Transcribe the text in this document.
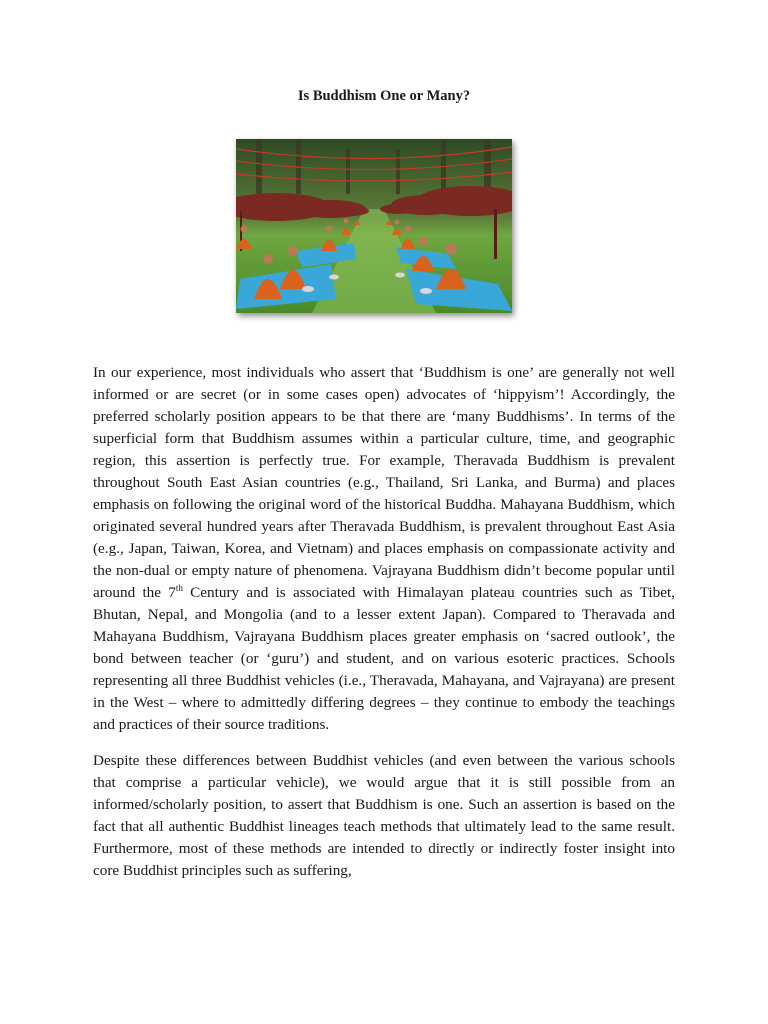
Is Buddhism One or Many?

In our experience, most individuals who assert that ‘Buddhism is one’ are generally not well informed or are secret (or in some cases open) advocates of ‘hippyism’! Accordingly, the preferred scholarly position appears to be that there are ‘many Buddhisms’. In terms of the superficial form that Buddhism assumes within a particular culture, time, and geographic region, this assertion is perfectly true. For example, Theravada Buddhism is prevalent throughout South East Asian countries (e.g., Thailand, Sri Lanka, and Burma) and places emphasis on following the original word of the historical Buddha. Mahayana Buddhism, which originated several hundred years after Theravada Buddhism, is prevalent throughout East Asia (e.g., Japan, Taiwan, Korea, and Vietnam) and places emphasis on compassionate activity and the non-dual or empty nature of phenomena. Vajrayana Buddhism didn’t become popular until around the 7th Century and is associated with Himalayan plateau countries such as Tibet, Bhutan, Nepal, and Mongolia (and to a lesser extent Japan). Compared to Theravada and Mahayana Buddhism, Vajrayana Buddhism places greater emphasis on ‘sacred outlook’, the bond between teacher (or ‘guru’) and student, and on various esoteric practices. Schools representing all three Buddhist vehicles (i.e., Theravada, Mahayana, and Vajrayana) are present in the West – where to admittedly differing degrees – they continue to embody the teachings and practices of their source traditions.

Despite these differences between Buddhist vehicles (and even between the various schools that comprise a particular vehicle), we would argue that it is still possible from an informed/scholarly position, to assert that Buddhism is one. Such an assertion is based on the fact that all authentic Buddhist lineages teach methods that ultimately lead to the same result. Furthermore, most of these methods are intended to directly or indirectly foster insight into core Buddhist principles such as suffering,
